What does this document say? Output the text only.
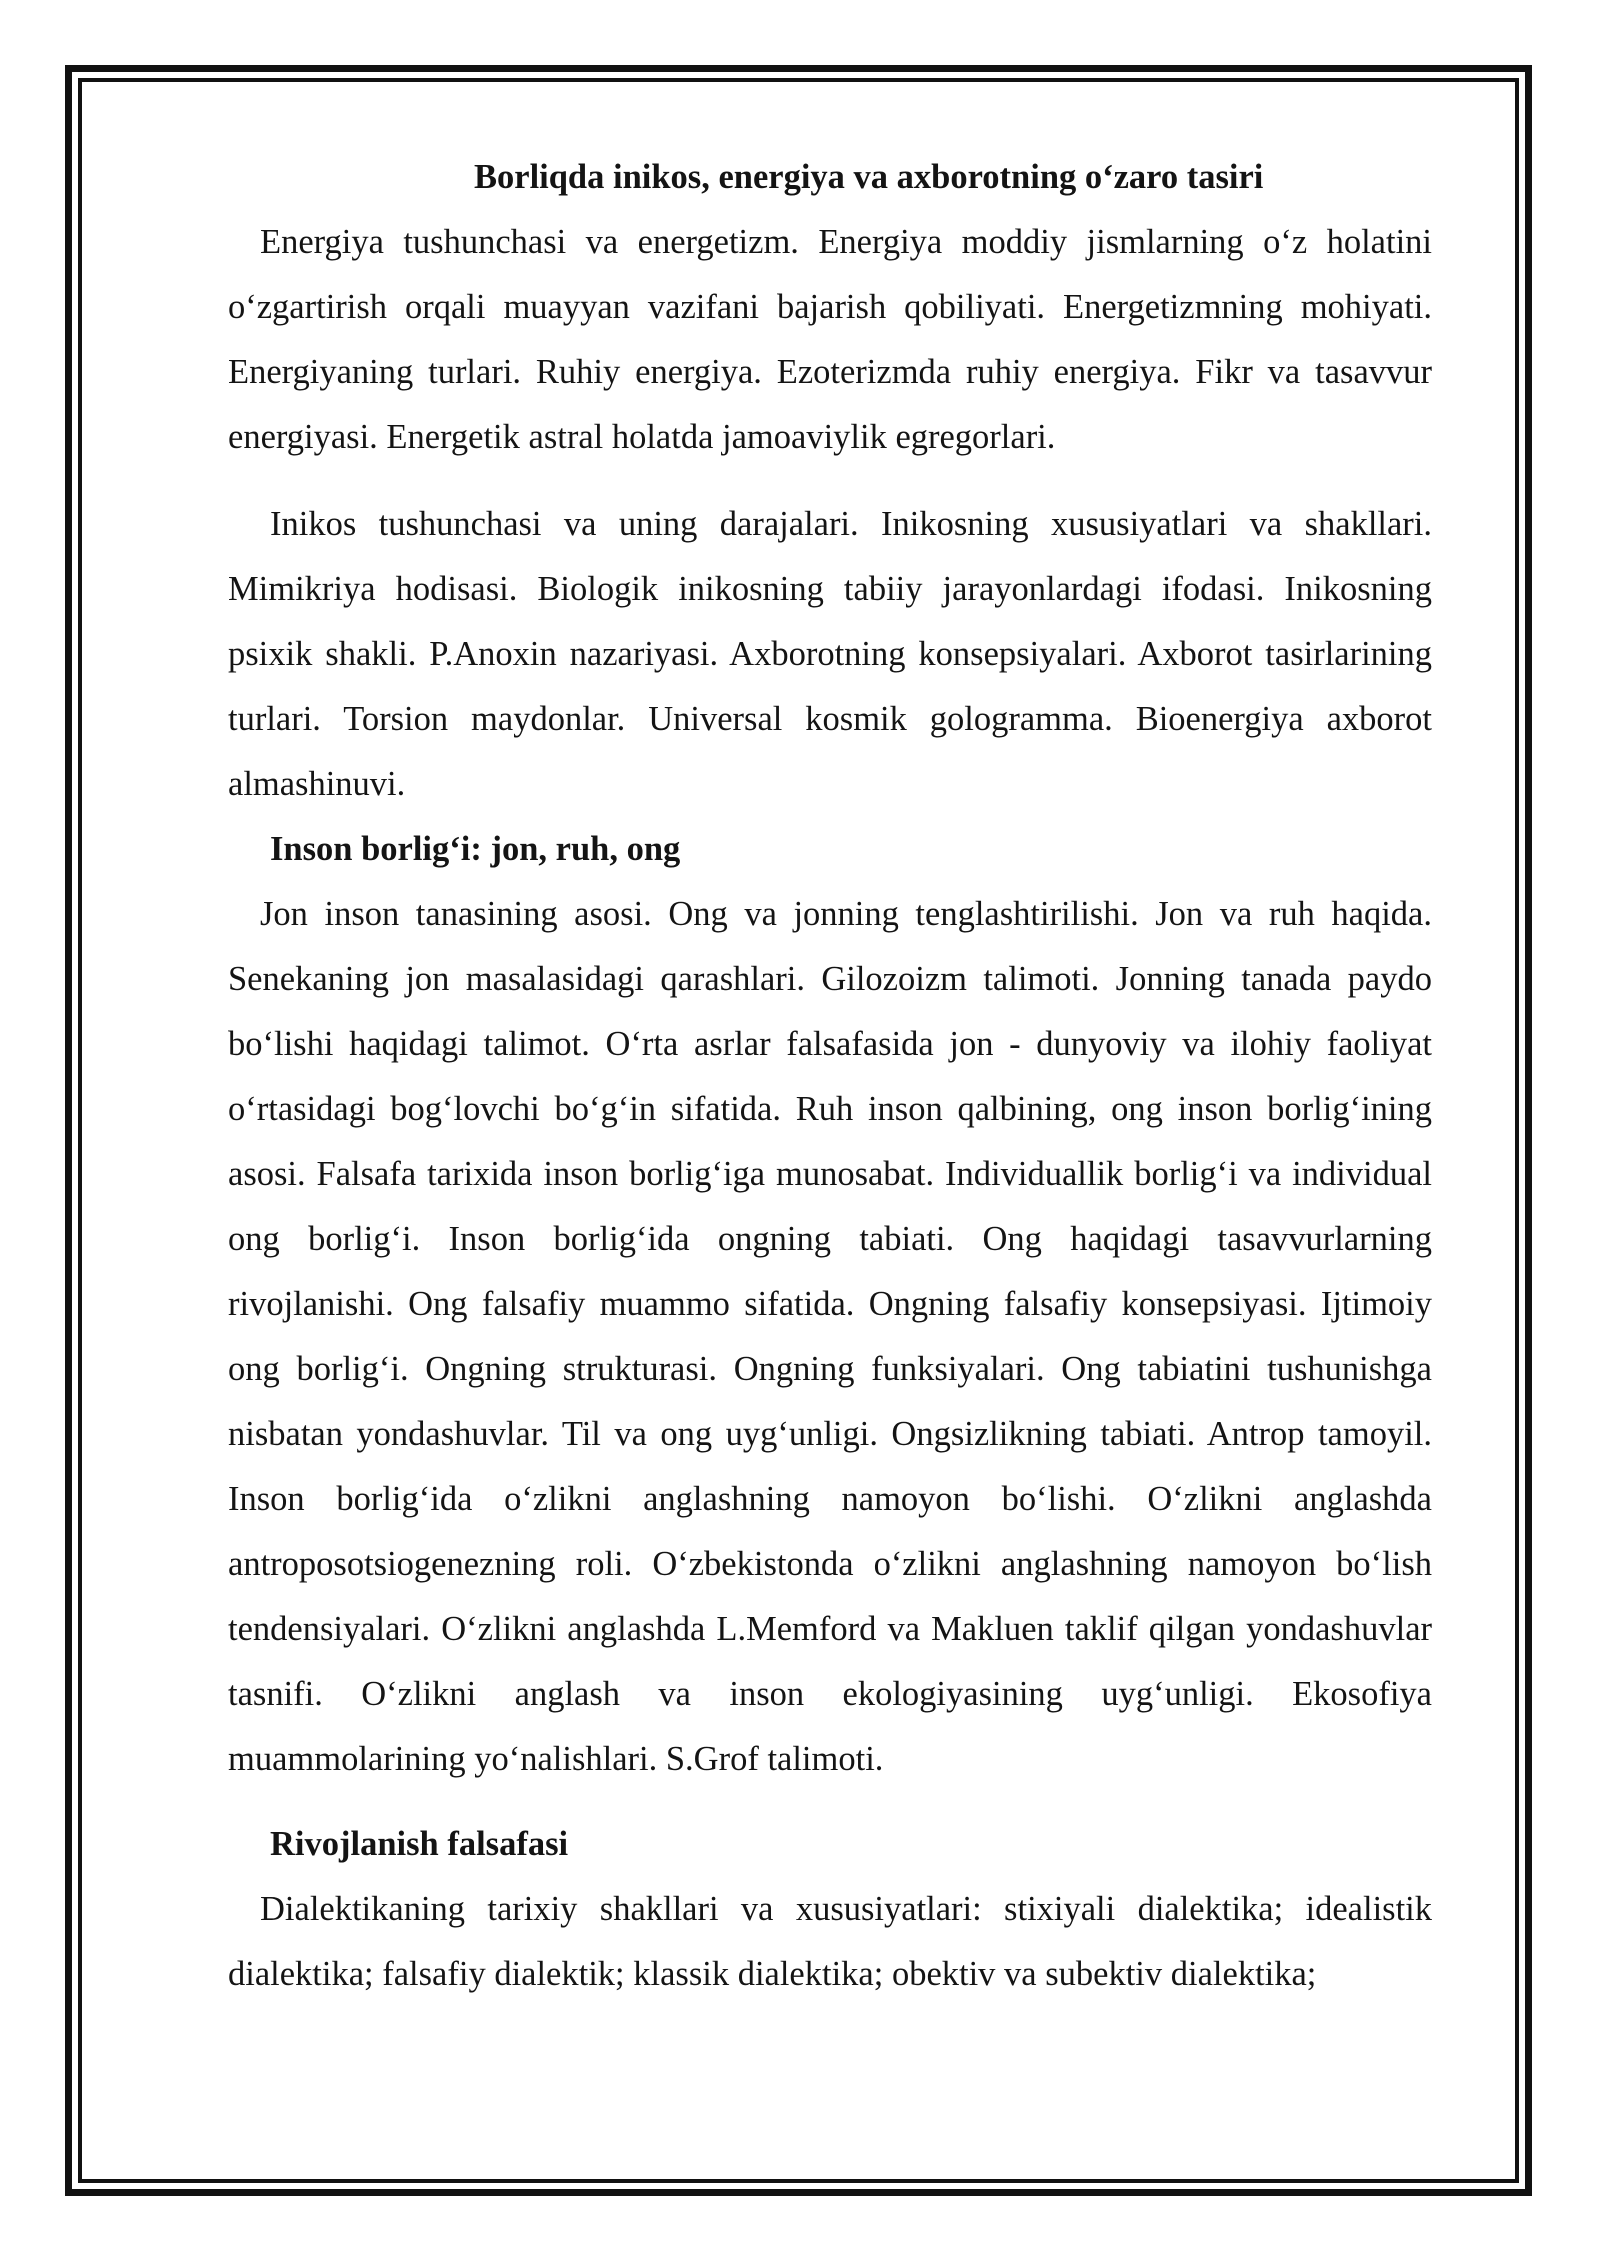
Borliqda inikos, energiya va axborotning o‘zaro tasiri

Energiya tushunchasi va energetizm. Energiya moddiy jismlarning o‘z holatini o‘zgartirish orqali muayyan vazifani bajarish qobiliyati. Energetizmning mohiyati. Energiyaning turlari. Ruhiy energiya. Ezoterizmda ruhiy energiya. Fikr va tasavvur energiyasi. Energetik astral holatda jamoaviylik egregorlari.

Inikos tushunchasi va uning darajalari. Inikosning xususiyatlari va shakllari. Mimikriya hodisasi. Biologik inikosning tabiiy jarayonlardagi ifodasi. Inikosning psixik shakli. P.Anoxin nazariyasi. Axborotning konsepsiyalari. Axborot tasirlarining turlari. Torsion maydonlar. Universal kosmik gologramma. Bioenergiya axborot almashinuvi.

Inson borlig‘i: jon, ruh, ong

Jon inson tanasining asosi. Ong va jonning tenglashtirilishi. Jon va ruh haqida. Senekaning jon masalasidagi qarashlari. Gilozoizm talimoti. Jonning tanada paydo bo‘lishi haqidagi talimot. O‘rta asrlar falsafasida jon - dunyoviy va ilohiy faoliyat o‘rtasidagi bog‘lovchi bo‘g‘in sifatida. Ruh inson qalbining, ong inson borlig‘ining asosi. Falsafa tarixida inson borlig‘iga munosabat. Individuallik borlig‘i va individual ong borlig‘i. Inson borlig‘ida ongning tabiati. Ong haqidagi tasavvurlarning rivojlanishi. Ong falsafiy muammo sifatida. Ongning falsafiy konsepsiyasi. Ijtimoiy ong borlig‘i. Ongning strukturasi. Ongning funksiyalari. Ong tabiatini tushunishga nisbatan yondashuvlar. Til va ong uyg‘unligi. Ongsizlikning tabiati. Antrop tamoyil. Inson borlig‘ida o‘zlikni anglashning namoyon bo‘lishi. O‘zlikni anglashda antroposotsiogenezning roli. O‘zbekistonda o‘zlikni anglashning namoyon bo‘lish tendensiyalari. O‘zlikni anglashda L.Memford va Makluen taklif qilgan yondashuvlar tasnifi. O‘zlikni anglash va inson ekologiyasining uyg‘unligi. Ekosofiya muammolarining yo‘nalishlari. S.Grof talimoti.

Rivojlanish falsafasi

Dialektikaning tarixiy shakllari va xususiyatlari: stixiyali dialektika; idealistik dialektika; falsafiy dialektik; klassik dialektika; obektiv va subektiv dialektika;
